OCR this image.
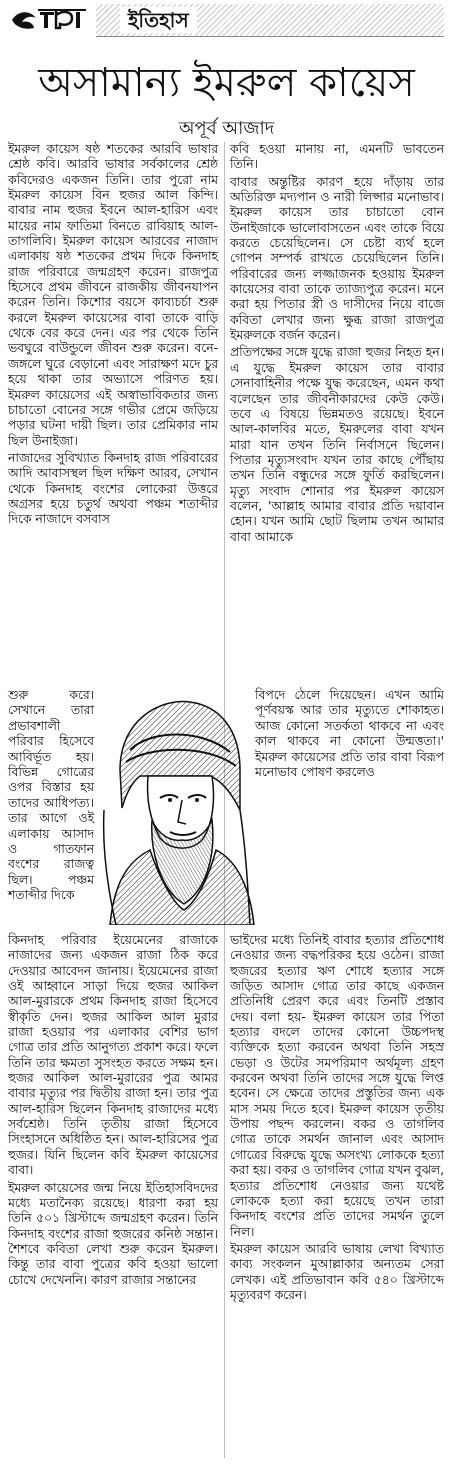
ইতিহাস
অসামান্য ইমরুল কায়েস
অপূর্ব আজাদ

ইমরুল কায়েস ষষ্ঠ শতকের আরবি ভাষার শ্রেষ্ঠ কবি। আরবি ভাষার সর্বকালের শ্রেষ্ঠ কবিদেরও একজন তিনি। তার পুরো নাম ইমরুল কায়েস বিন হুজর আল কিন্দি। বাবার নাম হুজর ইবনে আল-হারিস এবং মায়ের নাম ফাতিমা বিনতে রাবিয়াহ আল-তাগলিবি। ইমরুল কায়েস আরবের নাজাদ এলাকায় ষষ্ঠ শতকের প্রথম দিকে কিনদাহ রাজ পরিবারে জন্মগ্রহণ করেন। রাজপুত্র হিসেবে প্রথম জীবনে রাজকীয় জীবনযাপন করেন তিনি। কিশোর বয়সে কাব্যচর্চা শুরু করলে ইমরুল কায়েসের বাবা তাকে বাড়ি থেকে বের করে দেন। এর পর থেকে তিনি ভবঘুরে বাউন্ডুলে জীবন শুরু করেন। বনে-জঙ্গলে ঘুরে বেড়ানো এবং সারাক্ষণ মদে চুর হয়ে থাকা তার অভ্যাসে পরিণত হয়। ইমরুল কায়েসের এই অস্বাভাবিকতার জন্য চাচাতো বোনের সঙ্গে গভীর প্রেমে জড়িয়ে পড়ার ঘটনা দায়ী ছিল। তার প্রেমিকার নাম ছিল উনাইজা।

নাজাদের সুবিখ্যাত কিনদাহ রাজ পরিবারের আদি আবাসস্থল ছিল দক্ষিণ আরব, সেখান থেকে কিনদাহ বংশের লোকেরা উত্তরে অগ্রসর হয়ে চতুর্থ অথবা পঞ্চম শতাব্দীর দিকে নাজাদে বসবাস

কবি হওয়া মানায় না, এমনটি ভাবতেন তিনি।

বাবার অন্তুষ্টির কারণ হয়ে দাঁড়ায় তার অতিরিক্ত মদ্যপান ও নারী লিপ্সার মনোভাব। ইমরুল কায়েস তার চাচাতো বোন উনাইজাকে ভালোবাসতেন এবং তাকে বিয়ে করতে চেয়েছিলেন। সে চেষ্টা ব্যর্থ হলে গোপন সম্পর্ক রাখতে চেয়েছিলেন তিনি। পরিবারের জন্য লজ্জাজনক হওয়ায় ইমরুল কায়েসের বাবা তাকে ত্যাজ্যপুত্র করেন। মনে করা হয় পিতার স্ত্রী ও দাসীদের নিয়ে বাজে কবিতা লেখার জন্য ক্ষুব্ধ রাজা রাজপুত্র ইমরুলকে বর্জন করেন।

প্রতিপক্ষের সঙ্গে যুদ্ধে রাজা হুজর নিহত হন। এ যুদ্ধে ইমরুল কায়েস তার বাবার সেনাবাহিনীর পক্ষে যুদ্ধ করেছেন, এমন কথা বলেছেন তার জীবনীকারদের কেউ কেউ। তবে এ বিষয়ে ভিন্নমতও রয়েছে। ইবনে আল-কালবির মতে, ইমরুলের বাবা যখন মারা যান তখন তিনি নির্বাসনে ছিলেন। পিতার মৃত্যুসংবাদ যখন তার কাছে পৌঁছায় তখন তিনি বন্ধুদের সঙ্গে ফুর্তি করছিলেন। মৃত্যু সংবাদ শোনার পর ইমরুল কায়েস বলেন, 'আল্লাহ আমার বাবার প্রতি দয়াবান হোন। যখন আমি ছোট ছিলাম তখন আমার বাবা আমাকে

শুরু করে। সেখানে তারা প্রভাবশালী পরিবার হিসেবে আবির্ভূত হয়। বিভিন্ন গোত্রের ওপর বিস্তার হয় তাদের আধিপত্য। তার আগে ওই এলাকায় আসাদ ও গাতফান বংশের রাজত্ব ছিল। পঞ্চম শতাব্দীর দিকে
বিপদে ঠেলে দিয়েছেন। এখন আমি পূর্ণবয়স্ক আর তার মৃত্যুতে শোকাহত। আজ কোনো সতর্কতা থাকবে না এবং কাল থাকবে না কোনো উন্মত্ততা।' ইমরুল কায়েসের প্রতি তার বাবা বিরূপ মনোভাব পোষণ করলেও

কিনদাহ পরিবার ইয়েমেনের রাজাকে নাজাদের জন্য একজন রাজা ঠিক করে দেওয়ার আবেদন জানায়। ইয়েমেনের রাজা ওই আহ্বানে সাড়া দিয়ে হুজর আকিল আল-মুরারকে প্রথম কিনদাহ রাজা হিসেবে স্বীকৃতি দেন। হুজর আকিল আল মুরার রাজা হওয়ার পর এলাকার বেশির ভাগ গোত্র তার প্রতি আনুগত্য প্রকাশ করে। ফলে তিনি তার ক্ষমতা সুসংহত করতে সক্ষম হন। হুজর আকিল আল-মুরারের পুত্র আমর বাবার মৃত্যুর পর দ্বিতীয় রাজা হন। তার পুত্র আল-হারিস ছিলেন কিনদাহ রাজাদের মধ্যে সর্বশ্রেষ্ঠ। তিনি তৃতীয় রাজা হিসেবে সিংহাসনে অধিষ্ঠিত হন। আল-হারিসের পুত্র হুজর। যিনি ছিলেন কবি ইমরুল কায়েসের বাবা।

ইমরুল কায়েসের জন্ম নিয়ে ইতিহাসবিদদের মধ্যে মতানৈক্য রয়েছে। ধারণা করা হয় তিনি ৫০১ খ্রিস্টাব্দে জন্মগ্রহণ করেন। তিনি কিনদাহ বংশের রাজা হুজরের কনিষ্ঠ সন্তান। শৈশবে কবিতা লেখা শুরু করেন ইমরুল। কিন্তু তার বাবা পুত্রের কবি হওয়া ভালো চোখে দেখেননি। কারণ রাজার সন্তানের

ভাইদের মধ্যে তিনিই বাবার হত্যার প্রতিশোধ নেওয়ার জন্য বদ্ধপরিকর হয়ে ওঠেন। রাজা হুজরের হত্যার ঋণ শোধে হত্যার সঙ্গে জড়িত আসাদ গোত্র তার কাছে একজন প্রতিনিধি প্রেরণ করে এবং তিনটি প্রস্তাব দেয়। বলা হয়- ইমরুল কায়েস তার পিতা হত্যার বদলে তাদের কোনো উচ্চপদস্থ ব্যক্তিকে হত্যা করবেন অথবা তিনি সহস্র ভেড়া ও উটের সমপরিমাণ অর্থমূল্য গ্রহণ করবেন অথবা তিনি তাদের সঙ্গে যুদ্ধে লিপ্ত হবেন। সে ক্ষেত্রে তাদের প্রস্তুতির জন্য এক মাস সময় দিতে হবে। ইমরুল কায়েস তৃতীয় উপায় পছন্দ করলেন। বকর ও তাগলিব গোত্র তাকে সমর্থন জানাল এবং আসাদ গোত্রের বিরুদ্ধে যুদ্ধে অসংখ্য লোককে হত্যা করা হয়। বকর ও তাগলিব গোত্র যখন বুঝল, হত্যার প্রতিশোধ নেওয়ার জন্য যথেষ্ট লোককে হত্যা করা হয়েছে তখন তারা কিনদাহ বংশের প্রতি তাদের সমর্থন তুলে নিল।

ইমরুল কায়েস আরবি ভাষায় লেখা বিখ্যাত কাব্য সংকলন মুআল্লাকার অন্যতম সেরা লেখক। এই প্রতিভাবান কবি ৫৪০ খ্রিস্টাব্দে মৃত্যুবরণ করেন।
